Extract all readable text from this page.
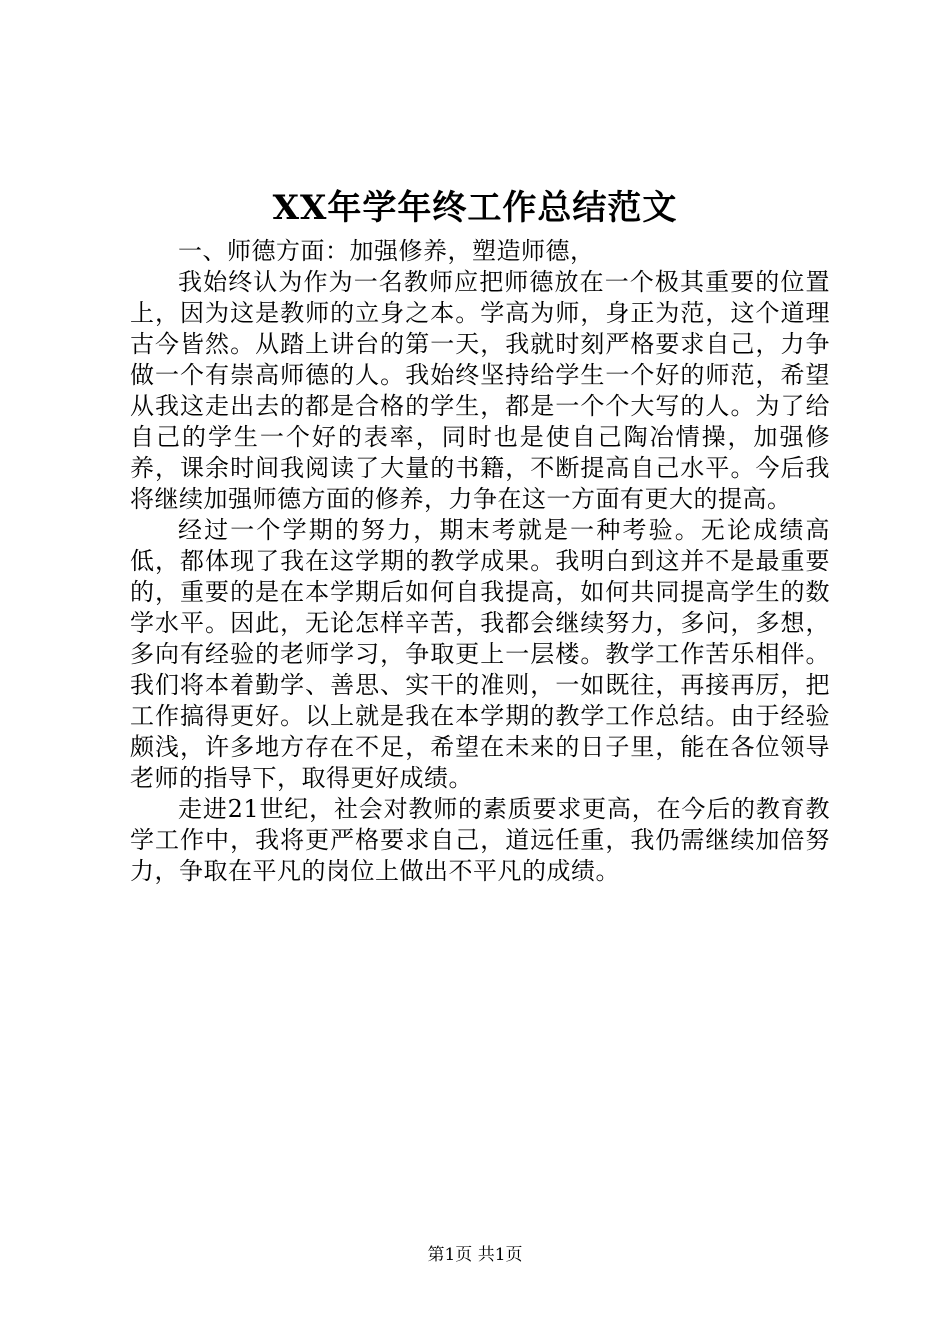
XX年学年终工作总结范文

一、师德方面：加强修养，塑造师德，

我始终认为作为一名教师应把师德放在一个极其重要的位置上，因为这是教师的立身之本。学高为师，身正为范，这个道理古今皆然。从踏上讲台的第一天，我就时刻严格要求自己，力争做一个有崇高师德的人。我始终坚持给学生一个好的师范，希望从我这走出去的都是合格的学生，都是一个个大写的人。为了给自己的学生一个好的表率，同时也是使自己陶冶情操，加强修养，课余时间我阅读了大量的书籍，不断提高自己水平。今后我将继续加强师德方面的修养，力争在这一方面有更大的提高。

经过一个学期的努力，期末考就是一种考验。无论成绩高低，都体现了我在这学期的教学成果。我明白到这并不是最重要的，重要的是在本学期后如何自我提高，如何共同提高学生的数学水平。因此，无论怎样辛苦，我都会继续努力，多问，多想，多向有经验的老师学习，争取更上一层楼。教学工作苦乐相伴。我们将本着勤学、善思、实干的准则，一如既往，再接再厉，把工作搞得更好。以上就是我在本学期的教学工作总结。由于经验颇浅，许多地方存在不足，希望在未来的日子里，能在各位领导老师的指导下，取得更好成绩。

走进21世纪，社会对教师的素质要求更高，在今后的教育教学工作中，我将更严格要求自己，道远任重，我仍需继续加倍努力，争取在平凡的岗位上做出不平凡的成绩。

第1页 共1页
